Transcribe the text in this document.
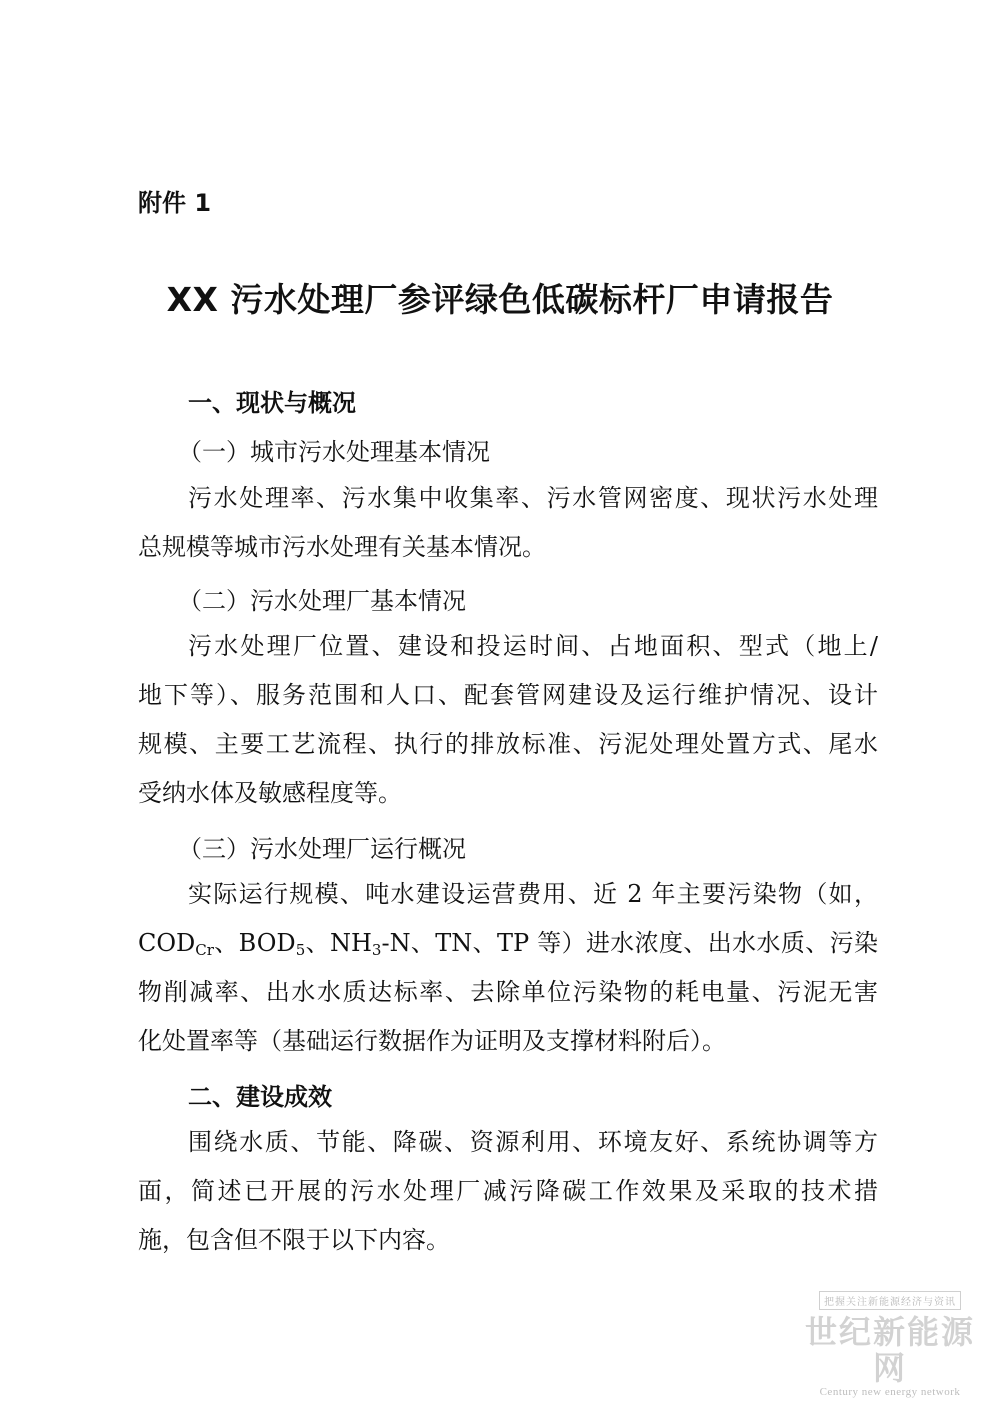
附件 1
XX 污水处理厂参评绿色低碳标杆厂申请报告
一、现状与概况
（一）城市污水处理基本情况
污水处理率、污水集中收集率、污水管网密度、现状污水处理
总规模等城市污水处理有关基本情况。
（二）污水处理厂基本情况
污水处理厂位置、建设和投运时间、占地面积、型式（地上/
地下等）、服务范围和人口、配套管网建设及运行维护情况、设计
规模、主要工艺流程、执行的排放标准、污泥处理处置方式、尾水
受纳水体及敏感程度等。
（三）污水处理厂运行概况
实际运行规模、吨水建设运营费用、近 2 年主要污染物（如，
$COD_{Cr}$、$BOD_5$、$NH_3-N$、TN、TP 等）进水浓度、出水水质、污染
物削减率、出水水质达标率、去除单位污染物的耗电量、污泥无害
化处置率等（基础运行数据作为证明及支撑材料附后）。
二、建设成效
围绕水质、节能、降碳、资源利用、环境友好、系统协调等方
面，简述已开展的污水处理厂减污降碳工作效果及采取的技术措
施，包含但不限于以下内容。
把握关注新能源经济与资讯
世纪新能源网
Century new energy network
